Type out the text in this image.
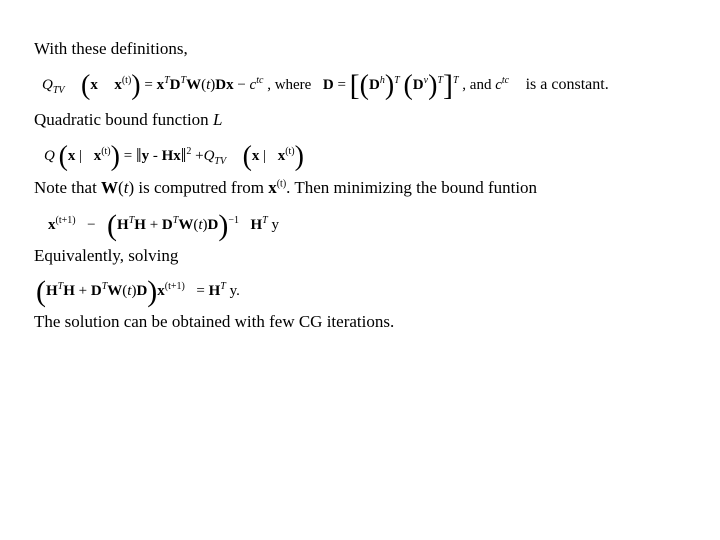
With these definitions,
$Q_{TV}$ (x $x^{(t)}) = x^TD^TW(t)Dx - c^{tc}$ , where $D = [(D^h)^T$ $(D^v)^T]^T$ , and $c^{tc}$ is a constant.
Quadratic bound function L
Q (x | $x^{(t)}$) = ‖y - Hx‖$^2$ $+Q_{TV}$ (x | $x^{(t)}$)
Note that W(t) is computred from $x^{(t)}$. Then minimizing the bound funtion
$x^{(t+1)} - (H^TH + D^TW(t)D)^{-1}$ $H^T$ y
Equivalently, solving
$(H^TH + D^TW(t)D)x^{(t+1)} = H^T$ y.
The solution can be obtained with few CG iterations.
